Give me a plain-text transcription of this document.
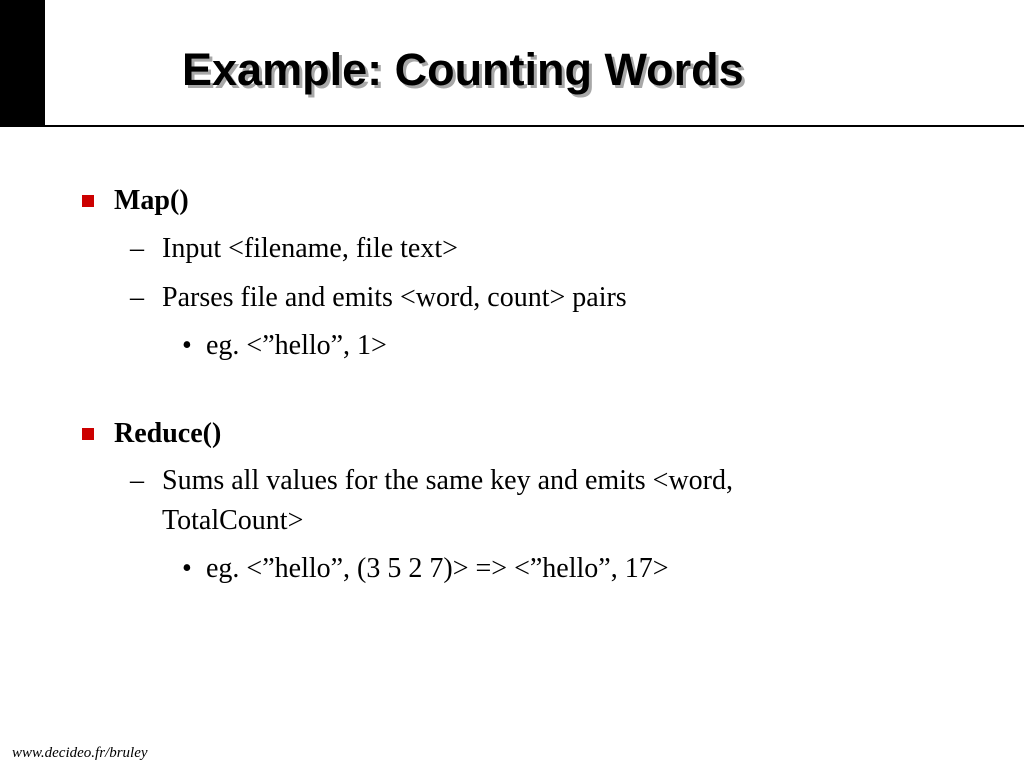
Example: Counting Words
Map()
– Input <filename, file text>
– Parses file and emits <word, count> pairs
• eg. <”hello”, 1>
Reduce()
– Sums all values for the same key and emits <word,
TotalCount>
• eg. <”hello”, (3 5 2 7)> => <”hello”, 17>
www.decideo.fr/bruley
